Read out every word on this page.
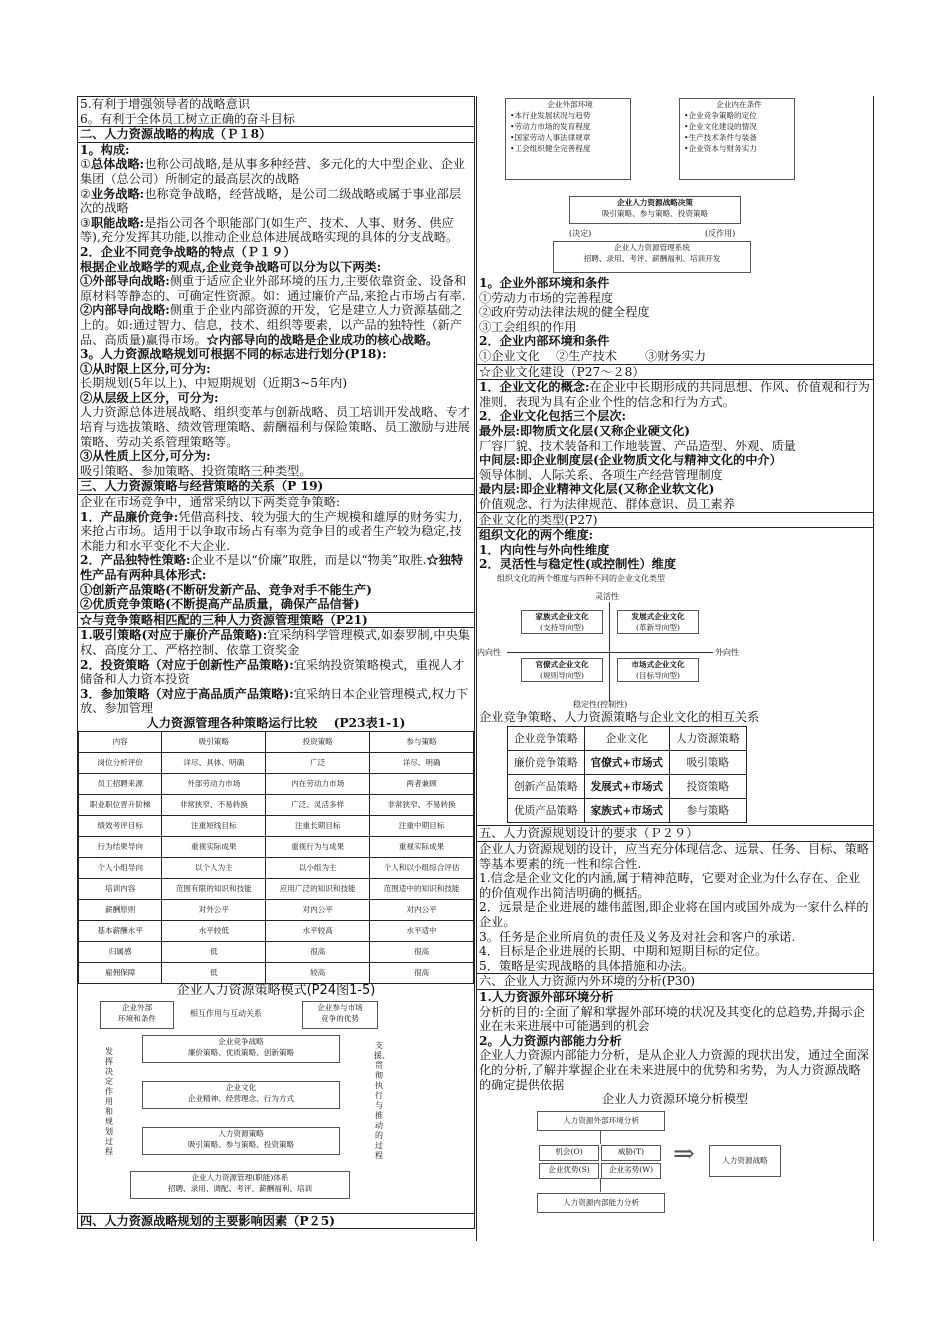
5.有利于增强领导者的战略意识
6。有利于全体员工树立正确的奋斗目标
二、人力资源战略的构成（Ｐ１8）
1。构成:
①总体战略:也称公司战略,是从事多种经营、多元化的大中型企业、企业集团（总公司）所制定的最高层次的战略
②业务战略:也称竞争战略，经营战略，是公司二级战略或属于事业部层次的战略
③职能战略:是指公司各个职能部门(如生产、技术、人事、财务、供应等),充分发挥其功能,以推动企业总体进展战略实现的具体的分支战略。
2．企业不同竞争战略的特点（Ｐ１９）
根据企业战略学的观点,企业竞争战略可以分为以下两类:
①外部导向战略:侧重于适应企业外部环境的压力,主要依靠资金、设备和原材料等静态的、可确定性资源。如：通过廉价产品,来抢占市场占有率.
②内部导向战略:侧重于企业内部资源的开发，它是建立人力资源基础之上的。如:通过智力、信息，技术、组织等要素，以产品的独特性（新产品、高质量)赢得市场。☆内部导向的战略是企业成功的核心战略。
3。人力资源战略规划可根据不同的标志进行划分(P18):
①从时限上区分,可分为:
长期规划(5年以上)、中短期规划（近期3~5年内)
②从层级上区分，可分为:
人力资源总体进展战略、组织变革与创新战略、员工培训开发战略、专才培育与选拔策略、绩效管理策略、薪酬福利与保险策略、员工激励与进展策略、劳动关系管理策略等。
③从性质上区分,可分为:
吸引策略、参加策略、投资策略三种类型。
三、人力资源策略与经营策略的关系（P 19)
企业在市场竞争中，通常采纳以下两类竞争策略:
1．产品廉价竞争:凭借高科技、较为强大的生产规模和雄厚的财务实力,来抢占市场。适用于以争取市场占有率为竞争目的或者生产较为稳定,技术能力和水平变化不大企业.
2．产品独特性策略:企业不是以“价廉”取胜，而是以“物美”取胜.☆独特性产品有两种具体形式:
①创新产品策略(不断研发新产品、竞争对手不能生产)
②优质竞争策略(不断提高产品质量，确保产品信誉)
☆与竞争策略相匹配的三种人力资源管理策略（P21)
1.吸引策略(对应于廉价产品策略):宜采纳科学管理模式,如泰罗制,中央集权、高度分工、严格控制、依靠工资奖金
2．投资策略（对应于创新性产品策略):宜采纳投资策略模式，重视人才储备和人力资本投资
3．参加策略（对应于高品质产品策略):宜采纳日本企业管理模式,权力下放、参加管理
人力资源管理各种策略运行比较　 (P23表1-1)
内容	吸引策略	投资策略	参与策略
岗位分析评价	详尽、具体、明确	广泛	详尽、明确
员工招聘来源	外部劳动力市场	内在劳动力市场	两者兼顾
职业职位晋升阶梯	非常狭窄、不易转换	广泛、灵活多样	非常狭窄、不易转换
绩效考评目标	注重短线目标	注重长期目标	注重中期目标
行为结果导向	重视实际成果	重视行为与成果	重视实际成果
个人小组导向	以个人为主	以小组为主	个人和以小组综合评估
培训内容	范围有限的知识和技能	应用广泛的知识和技能	范围适中的知识和技能
薪酬原则	对外公平	对内公平	对内公平
基本薪酬水平	水平较低	水平较高	水平适中
归属感	低	很高	很高
雇佣保障	低	较高	很高
企业人力资源策略模式(P24图1-5)
企业外部
环境和条件
相互作用与互动关系
企业参与市场
竞争的优势
发挥决定作用和规划过程
支援、贯彻执行与推动的过程
企业竞争战略
廉价策略、优质策略、创新策略
企业文化
企业精神、经营理念、行为方式
人力资源策略
吸引策略、参与策略、投资策略
企业人力资源管理(职能)体系
招聘、录用、调配、考评、薪酬福利、培训
四、人力资源战略规划的主要影响因素（P２5)
企业外部环境
•本行业发展状况与趋势
•劳动力市场的发育程度
•国家劳动人事法律规章
•工会组织健全完善程度
企业内在条件
•企业竞争策略的定位
•企业文化建设的情况
•生产技术条件与装备
•企业资本与财务实力
企业人力资源战略决策
吸引策略、参与策略、投资策略
(决定)	(反作用)
企业人力资源管理系统
招聘、录用、考评、薪酬福利、培训开发
1。企业外部环境和条件
①劳动力市场的完善程度
②政府劳动法律法规的健全程度
③工会组织的作用
2．企业内部环境和条件
①企业文化　 ②生产技术　　 ③财务实力
☆企业文化建设（P27～２8）
1．企业文化的概念:在企业中长期形成的共同思想、作风、价值观和行为准则．表现为具有企业个性的信念和行为方式。
2．企业文化包括三个层次:
最外层:即物质文化层(又称企业硬文化)
厂容厂貌、技术装备和工作地装置、产品造型、外观、质量
中间层:即企业制度层(企业物质文化与精神文化的中介）
领导体制、人际关系、各项生产经营管理制度
最内层:即企业精神文化层(又称企业软文化)
价值观念、行为法律规范、群体意识、员工素养
企业文化的类型(P27)
组织文化的两个维度:
1．内向性与外向性维度
2．灵活性与稳定性(或控制性）维度
组织文化的两个维度与四种不同的企业文化类型
灵活性
内向性	外向性
家族式企业文化
(支持导向型)
发展式企业文化
(革新导向型)
官僚式企业文化
(规则导向型)
市场式企业文化
(目标导向型)
稳定性(控制性)
企业竞争策略、人力资源策略与企业文化的相互关系
企业竞争策略	企业文化	人力资源策略
廉价竞争策略	官僚式+市场式	吸引策略
创新产品策略	发展式+市场式	投资策略
优质产品策略	家族式+市场式	参与策略
五、人力资源规划设计的要求（Ｐ２９）
企业人力资源规划的设计，应当充分体现信念、远景、任务、目标、策略等基本要素的统一性和综合性.
1.信念是企业文化的内涵,属于精神范畴，它要对企业为什么存在、企业的价值观作出简洁明确的概括。
2．远景是企业进展的雄伟蓝图,即企业将在国内或国外成为一家什么样的企业。
3。任务是企业所肩负的责任及义务及对社会和客户的承诺.
4．目标是企业进展的长期、中期和短期目标的定位。
5．策略是实现战略的具体措施和办法。
六、企业人力资源内外环境的分析(P30)
1.人力资源外部环境分析
分析的目的:全面了解和掌握外部环境的状况及其变化的总趋势,并揭示企业在未来进展中可能遇到的机会
2。人力资源内部能力分析
企业人力资源内部能力分析，是从企业人力资源的现状出发，通过全面深化的分析,了解并掌握企业在未来进展中的优势和劣势，为人力资源战略的确定提供依据
企业人力资源环境分析模型
人力资源外部环境分析
机会(O)	威胁(T)
企业优势(S)	企业劣势(W)
⇒	人力资源战略
人力资源内部能力分析
